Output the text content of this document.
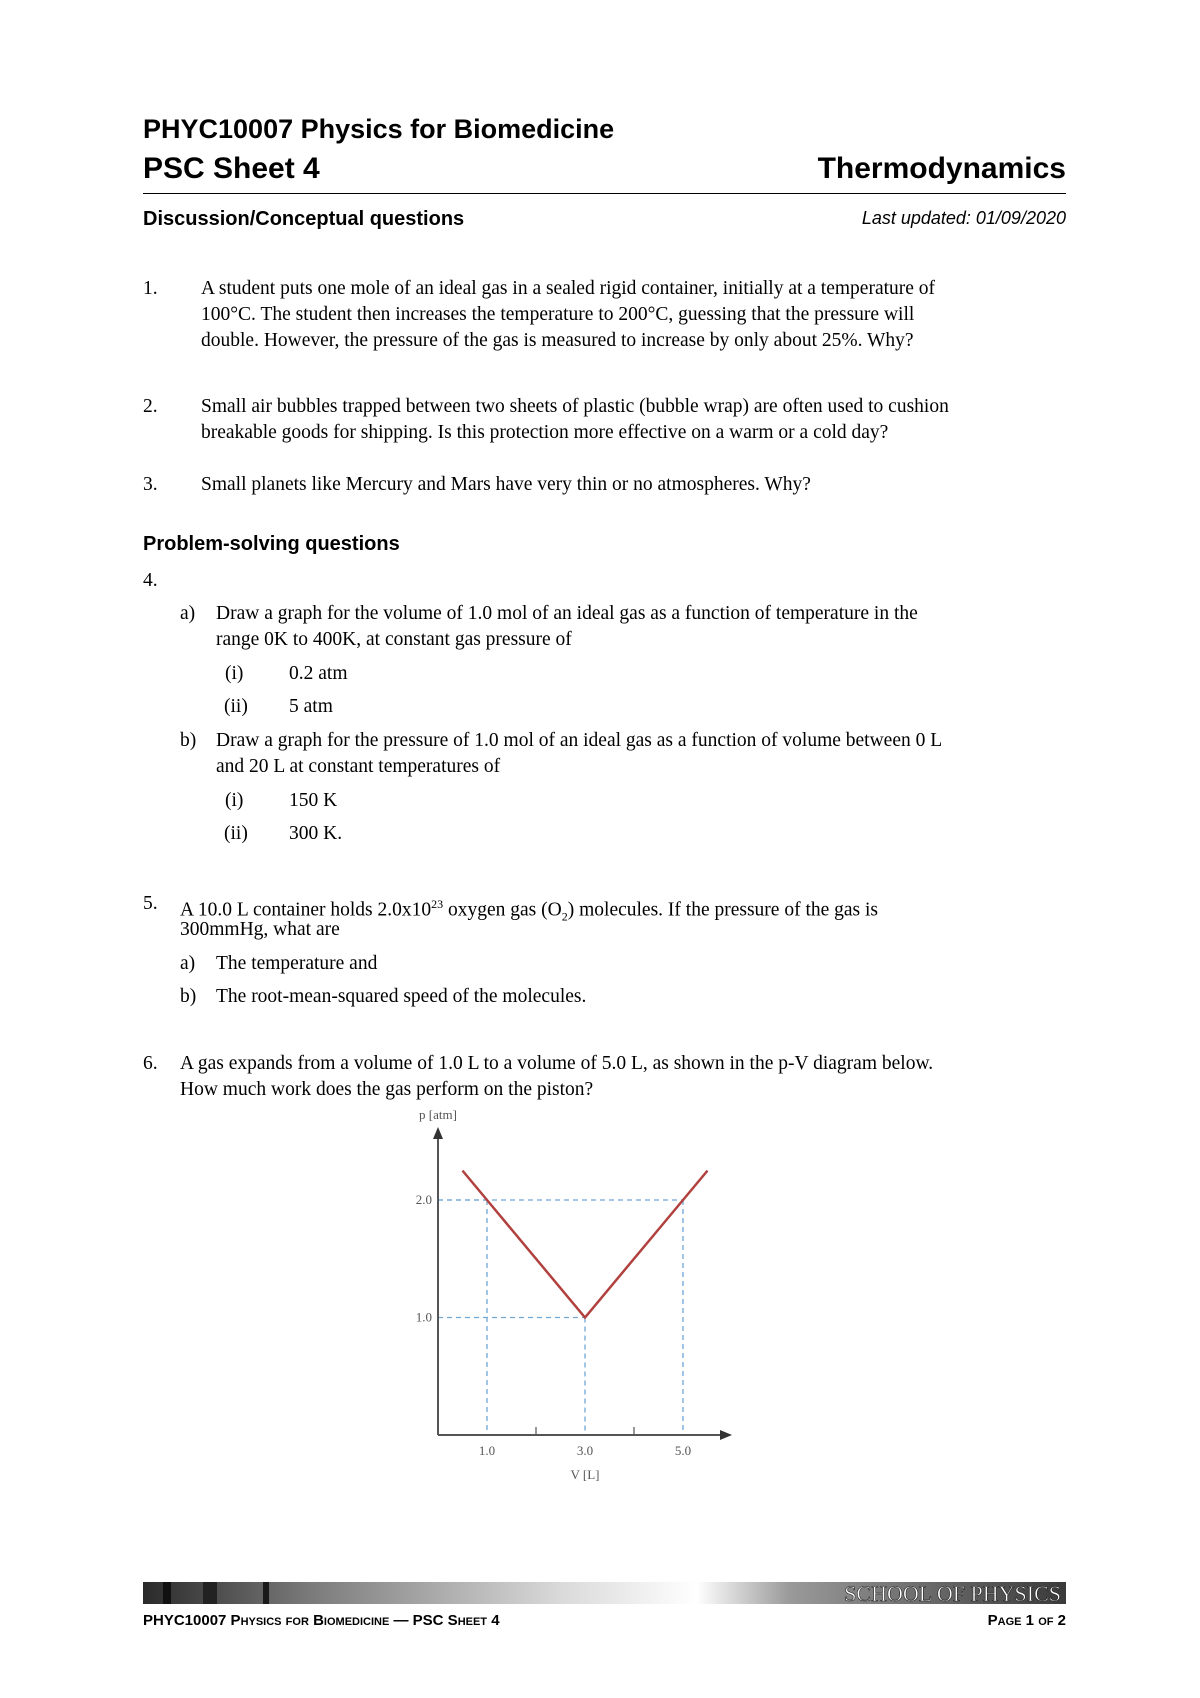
PHYC10007 Physics for Biomedicine
PSC Sheet 4	Thermodynamics
Discussion/Conceptual questions	Last updated: 01/09/2020
1. A student puts one mole of an ideal gas in a sealed rigid container, initially at a temperature of
100°C. The student then increases the temperature to 200°C, guessing that the pressure will
double. However, the pressure of the gas is measured to increase by only about 25%. Why?
2. Small air bubbles trapped between two sheets of plastic (bubble wrap) are often used to cushion
breakable goods for shipping. Is this protection more effective on a warm or a cold day?
3. Small planets like Mercury and Mars have very thin or no atmospheres. Why?
Problem-solving questions
4.
a) Draw a graph for the volume of 1.0 mol of an ideal gas as a function of temperature in the
range 0K to 400K, at constant gas pressure of
(i) 0.2 atm
(ii) 5 atm
b) Draw a graph for the pressure of 1.0 mol of an ideal gas as a function of volume between 0 L
and 20 L at constant temperatures of
(i) 150 K
(ii) 300 K.
5. A 10.0 L container holds $2.0x10^{23}$ oxygen gas $(O_2)$ molecules. If the pressure of the gas is
300mmHg, what are
a) The temperature and
b) The root-mean-squared speed of the molecules.
6. A gas expands from a volume of 1.0 L to a volume of 5.0 L, as shown in the p-V diagram below.
How much work does the gas perform on the piston?
1.0	3.0	5.0
1.0
2.0
p [atm]
V [L]
SCHOOL OF PHYSICS
PHYC10007 Physics for Biomedicine — PSC Sheet 4	Page 1 of 2
